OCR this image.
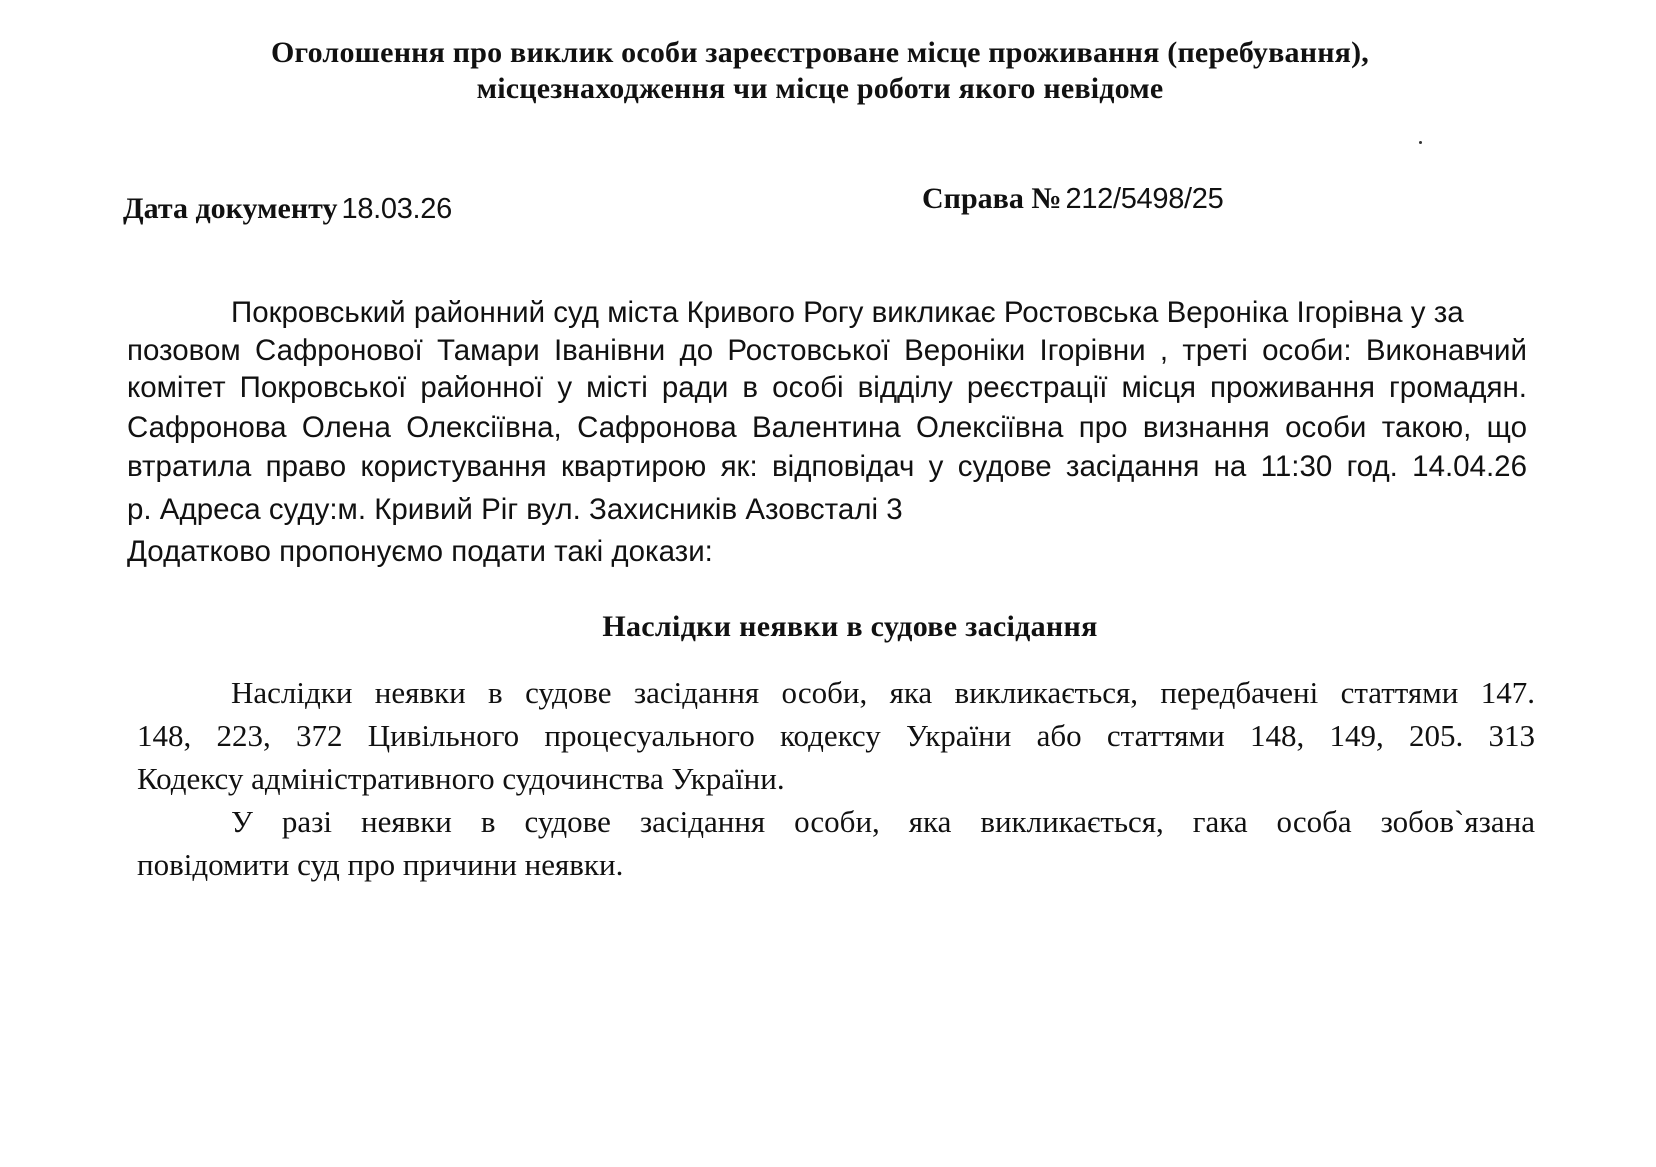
Оголошення про виклик особи зареєстроване місце проживання (перебування),
місцезнаходження чи місце роботи якого невідоме
Дата документу 18.03.26	Справа № 212/5498/25
Покровський районний суд міста Кривого Рогу викликає Ростовська Вероніка Ігорівна у за
позовом Сафронової Тамари Іванівни до Ростовської Вероніки Ігорівни , треті особи: Виконавчий
комітет Покровської районної у місті ради в особі відділу реєстрації місця проживання громадян.
Сафронова Олена Олексіївна, Сафронова Валентина Олексіївна про визнання особи такою, що
втратила право користування квартирою як: відповідач у судове засідання на 11:30 год. 14.04.26
р. Адреса суду:м. Кривий Ріг вул. Захисників Азовсталі 3
Додатково пропонуємо подати такі докази:
Наслідки неявки в судове засідання
Наслідки неявки в судове засідання особи, яка викликається, передбачені статтями 147.
148, 223, 372 Цивільного процесуального кодексу України або статтями 148, 149, 205. 313
Кодексу адміністративного судочинства України.
У разі неявки в судове засідання особи, яка викликається, гака особа зобов`язана
повідомити суд про причини неявки.
